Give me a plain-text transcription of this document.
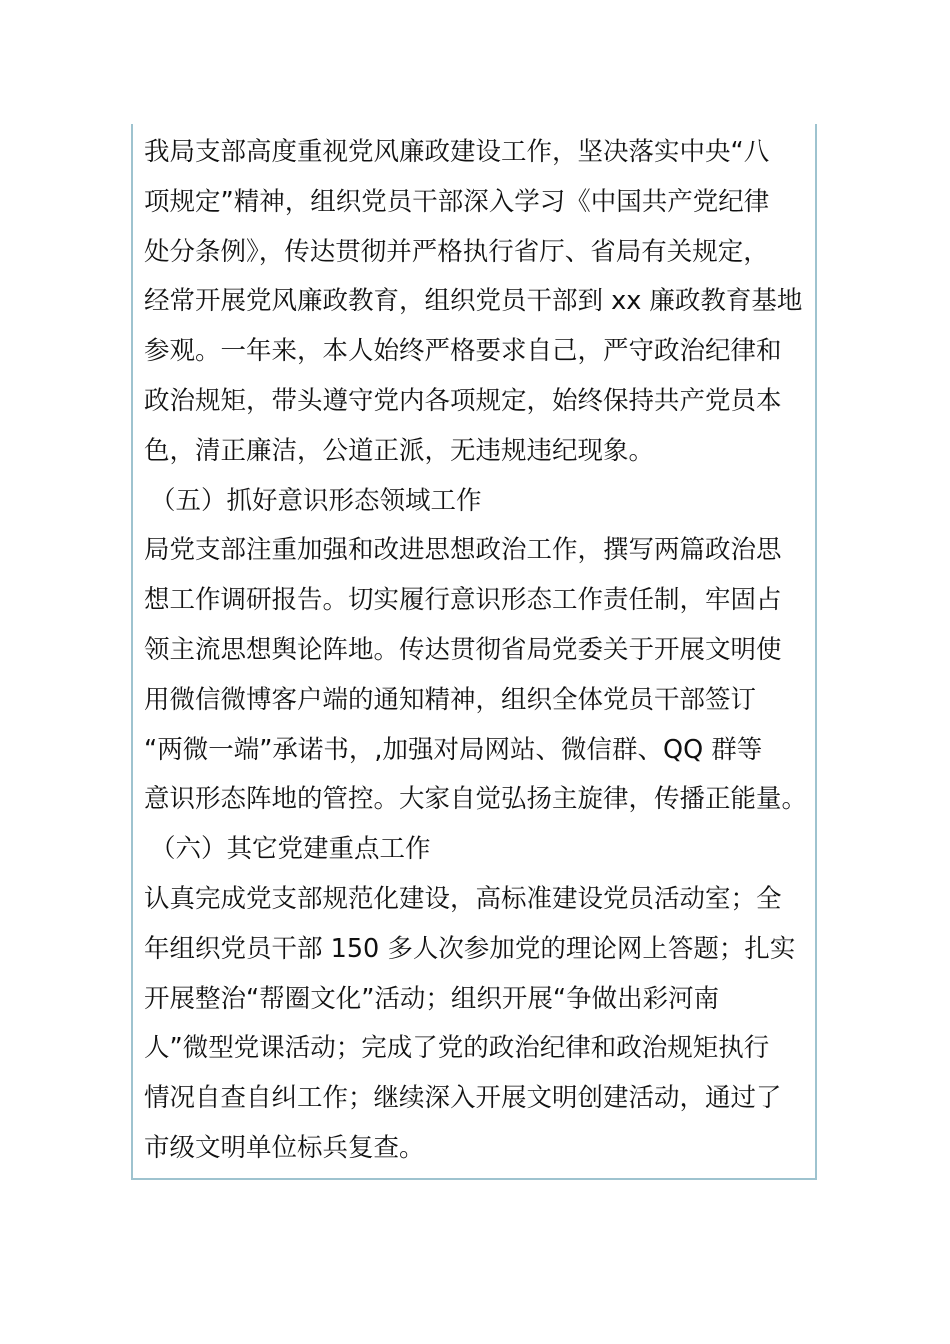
我局支部高度重视党风廉政建设工作，坚决落实中央“八
项规定”精神，组织党员干部深入学习《中国共产党纪律
处分条例》，传达贯彻并严格执行省厅、省局有关规定，
经常开展党风廉政教育，组织党员干部到 xx 廉政教育基地
参观。一年来，本人始终严格要求自己，严守政治纪律和
政治规矩，带头遵守党内各项规定，始终保持共产党员本
色，清正廉洁，公道正派，无违规违纪现象。
（五）抓好意识形态领域工作
局党支部注重加强和改进思想政治工作，撰写两篇政治思
想工作调研报告。切实履行意识形态工作责任制，牢固占
领主流思想舆论阵地。传达贯彻省局党委关于开展文明使
用微信微博客户端的通知精神，组织全体党员干部签订
“两微一端”承诺书，,加强对局网站、微信群、QQ 群等
意识形态阵地的管控。大家自觉弘扬主旋律，传播正能量。
（六）其它党建重点工作
认真完成党支部规范化建设，高标准建设党员活动室；全
年组织党员干部 150 多人次参加党的理论网上答题；扎实
开展整治“帮圈文化”活动；组织开展“争做出彩河南
人”微型党课活动；完成了党的政治纪律和政治规矩执行
情况自查自纠工作；继续深入开展文明创建活动，通过了
市级文明单位标兵复查。
